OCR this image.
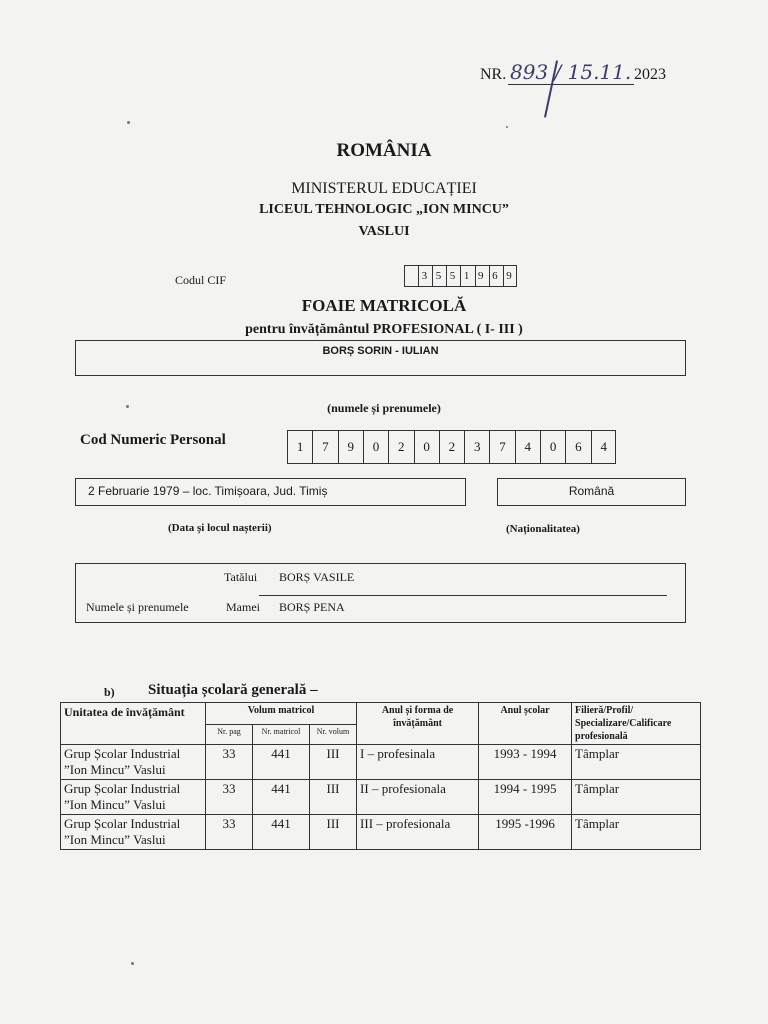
NR. 893 / 15.11. 2023
ROMÂNIA
MINISTERUL EDUCAȚIEI
LICEUL TEHNOLOGIC „ION MINCU”
VASLUI
Codul CIF	3 5 5 1 9 6 9
FOAIE MATRICOLĂ
pentru învățământul PROFESIONAL ( I- III )
BORȘ SORIN - IULIAN
(numele și prenumele)
Cod Numeric Personal	1	7	9	0	2	0	2	3	7	4	0	6	4
2 Februarie 1979 – loc. Timișoara, Jud. Timiș	Română
(Data și locul nașterii)	(Naționalitatea)
Tatălui BORȘ VASILE
Numele și prenumele	Mamei BORȘ PENA
b) Situația școlară generală –
Unitatea de învățământ	Volum matricol			Anul și forma de învățământ	Anul școlar	Filieră/Profil/ Specializare/Calificare profesională
	Nr. pag	Nr. matricol	Nr. volum			
Grup Școlar Industrial ”Ion Mincu” Vaslui	33	441	III	I – profesinala	1993 - 1994	Tâmplar
Grup Școlar Industrial ”Ion Mincu” Vaslui	33	441	III	II – profesionala	1994 - 1995	Tâmplar
Grup Școlar Industrial ”Ion Mincu” Vaslui	33	441	III	III – profesionala	1995 -1996	Tâmplar
